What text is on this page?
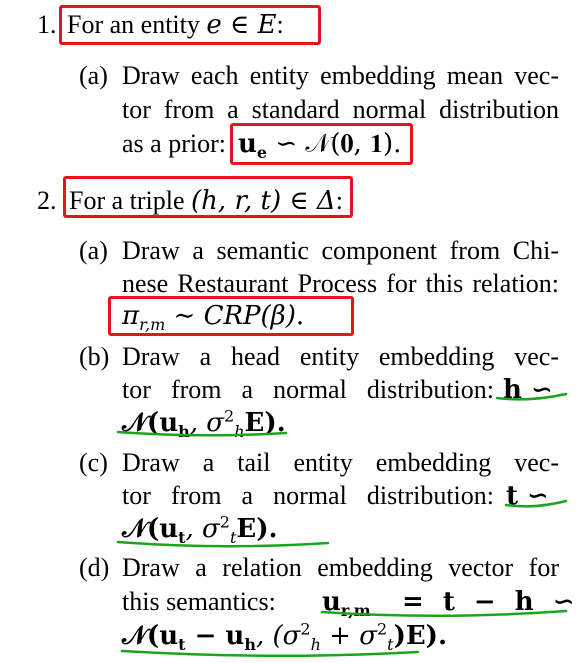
1. For an entity e ∈ E:
(a) Draw each entity embedding mean vec-
tor from a standard normal distribution
as a prior: $u_e$ ∽ 𝒩(𝟎, 𝟏).
2. For a triple (h, r, t) ∈ Δ:
(a) Draw a semantic component from Chi-
nese Restaurant Process for this relation:
$\pi_{r,m}$ ∼ CRP(β).
(b) Draw a head entity embedding vec-
tor from a normal distribution: h ∽
$𝒩(u_h$, $\sigma^2_hE$).
(c) Draw a tail entity embedding vec-
tor from a normal distribution: t ∽
$𝒩(u_t$, $\sigma^2_tE$).
(d) Draw a relation embedding vector for
this semantics: $u_{r,m} = t - h$ ∽
$𝒩(u_t - u_h$, $(\sigma^2_h + \sigma^2_t)E$).
